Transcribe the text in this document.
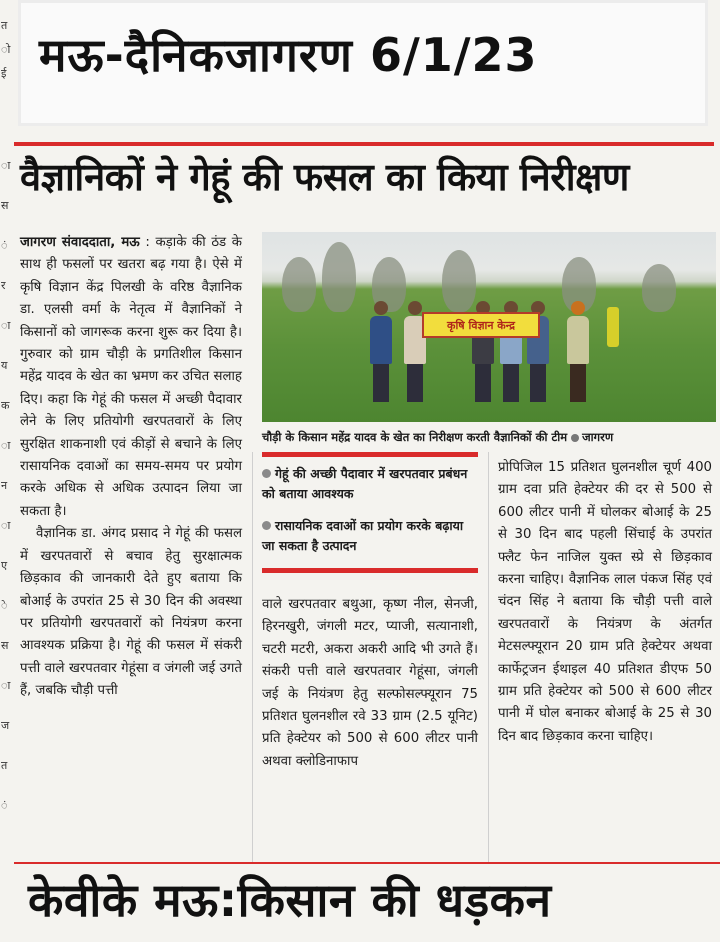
त
ो
ई
ा
स
ं
र
ा
य
क
ा
न
ा
ए
े
स
ा
ज
त
ं
मऊ-दैनिकजागरण 6/1/23
वैज्ञानिकों ने गेहूं की फसल का किया निरीक्षण

जागरण संवाददाता, मऊ : कड़ाके की ठंड के साथ ही फसलों पर खतरा बढ़ गया है। ऐसे में कृषि विज्ञान केंद्र पिलखी के वरिष्ठ वैज्ञानिक डा. एलसी वर्मा के नेतृत्व में वैज्ञानिकों ने किसानों को जागरूक करना शुरू कर दिया है। गुरुवार को ग्राम चौड़ी के प्रगतिशील किसान महेंद्र यादव के खेत का भ्रमण कर उचित सलाह दिए। कहा कि गेहूं की फसल में अच्छी पैदावार लेने के लिए प्रतियोगी खरपतवारों के लिए सुरक्षित शाकनाशी एवं कीड़ों से बचाने के लिए रासायनिक दवाओं का समय-समय पर प्रयोग करके अधिक से अधिक उत्पादन लिया जा सकता है।

वैज्ञानिक डा. अंगद प्रसाद ने गेहूं की फसल में खरपतवारों से बचाव हेतु सुरक्षात्मक छिड़काव की जानकारी देते हुए बताया कि बोआई के उपरांत 25 से 30 दिन की अवस्था पर प्रतियोगी खरपतवारों को नियंत्रण करना आवश्यक प्रक्रिया है। गेहूं की फसल में संकरी पत्ती वाले खरपतवार गेहूंसा व जंगली जई उगते हैं, जबकि चौड़ी पत्ती

कृषि विज्ञान केन्द्र
चौड़ी के किसान महेंद्र यादव के खेत का निरीक्षण करती वैज्ञानिकों की टीम जागरण
गेहूं की अच्छी पैदावार में खरपतवार प्रबंधन को बताया आवश्यक
रासायनिक दवाओं का प्रयोग करके बढ़ाया जा सकता है उत्पादन
वाले खरपतवार बथुआ, कृष्ण नील, सेनजी, हिरनखुरी, जंगली मटर, प्याजी, सत्यानाशी, चटरी मटरी, अकरा अकरी आदि भी उगते हैं। संकरी पत्ती वाले खरपतवार गेहूंसा, जंगली जई के नियंत्रण हेतु सल्फोसल्फ्यूरान 75 प्रतिशत घुलनशील रवे 33 ग्राम (2.5 यूनिट) प्रति हेक्टेयर को 500 से 600 लीटर पानी अथवा क्लोडिनाफाप
प्रोपिजिल 15 प्रतिशत घुलनशील चूर्ण 400 ग्राम दवा प्रति हेक्टेयर की दर से 500 से 600 लीटर पानी में घोलकर बोआई के 25 से 30 दिन बाद पहली सिंचाई के उपरांत फ्लैट फेन नाजिल युक्त स्प्रे से छिड़काव करना चाहिए। वैज्ञानिक लाल पंकज सिंह एवं चंदन सिंह ने बताया कि चौड़ी पत्ती वाले खरपतवारों के नियंत्रण के अंतर्गत मेटसल्फ्यूरान 20 ग्राम प्रति हेक्टेयर अथवा कार्फेट्रजन ईथाइल 40 प्रतिशत डीएफ 50 ग्राम प्रति हेक्टेयर को 500 से 600 लीटर पानी में घोल बनाकर बोआई के 25 से 30 दिन बाद छिड़काव करना चाहिए।
केवीके मऊ:किसान की धड़कन
